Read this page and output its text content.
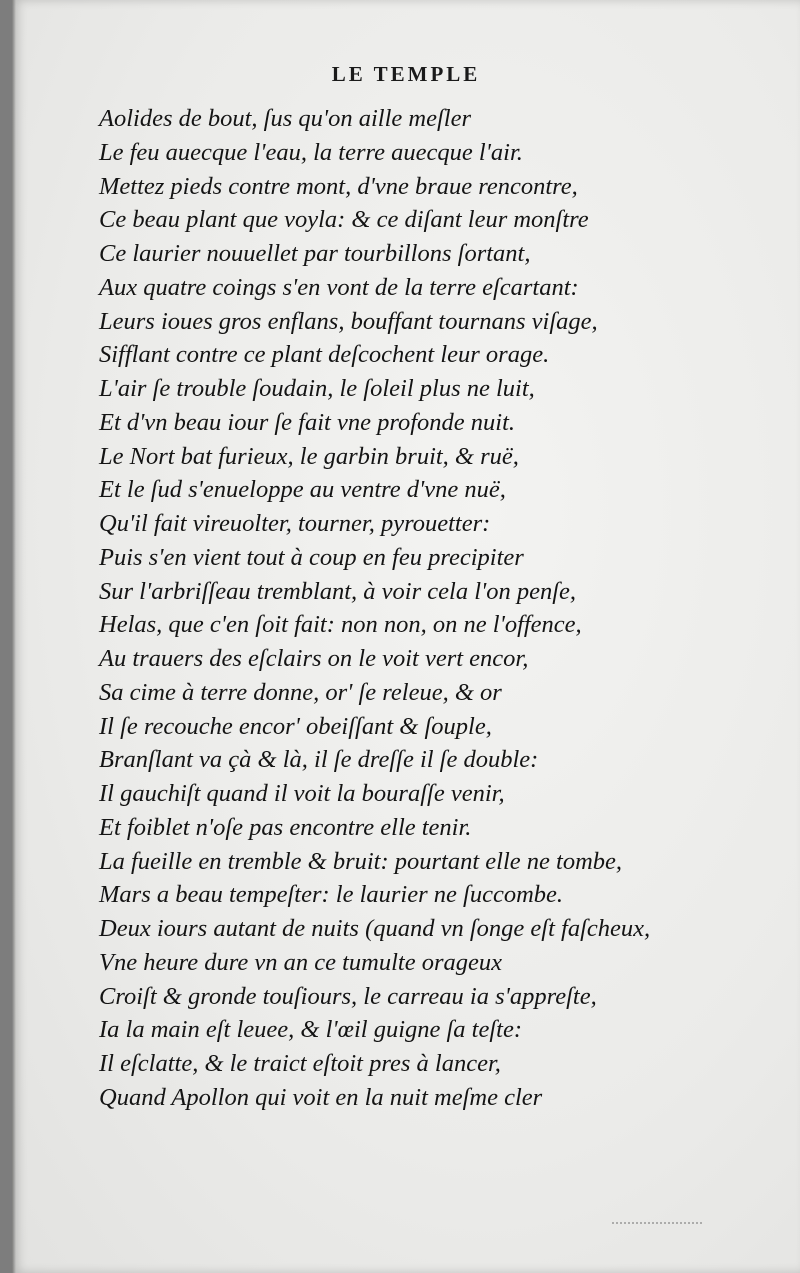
LE TEMPLE
Aolides de bout, ſus qu'on aille meſler
Le feu auecque l'eau, la terre auecque l'air.
Mettez pieds contre mont, d'vne braue rencontre,
Ce beau plant que voyla: & ce diſant leur monſtre
Ce laurier nouuellet par tourbillons ſortant,
Aux quatre coings s'en vont de la terre eſcartant:
Leurs ioues gros enflans, bouffant tournans viſage,
Sifflant contre ce plant deſcochent leur orage.
L'air ſe trouble ſoudain, le ſoleil plus ne luit,
Et d'vn beau iour ſe fait vne profonde nuit.
Le Nort bat furieux, le garbin bruit, & ruë,
Et le ſud s'enueloppe au ventre d'vne nuë,
Qu'il fait vireuolter, tourner, pyrouetter:
Puis s'en vient tout à coup en feu precipiter
Sur l'arbriſſeau tremblant, à voir cela l'on penſe,
Helas, que c'en ſoit fait: non non, on ne l'offence,
Au trauers des eſclairs on le voit vert encor,
Sa cime à terre donne, or' ſe releue, & or
Il ſe recouche encor' obeiſſant & ſouple,
Branſlant va çà & là, il ſe dreſſe il ſe double:
Il gauchiſt quand il voit la bouraſſe venir,
Et foiblet n'oſe pas encontre elle tenir.
La fueille en tremble & bruit: pourtant elle ne tombe,
Mars a beau tempeſter: le laurier ne ſuccombe.
Deux iours autant de nuits (quand vn ſonge eſt faſcheux,
Vne heure dure vn an ce tumulte orageux
Croiſt & gronde touſiours, le carreau ia s'appreſte,
Ia la main eſt leuee, & l'œil guigne ſa teſte:
Il eſclatte, & le traict eſtoit pres à lancer,
Quand Apollon qui voit en la nuit meſme cler
